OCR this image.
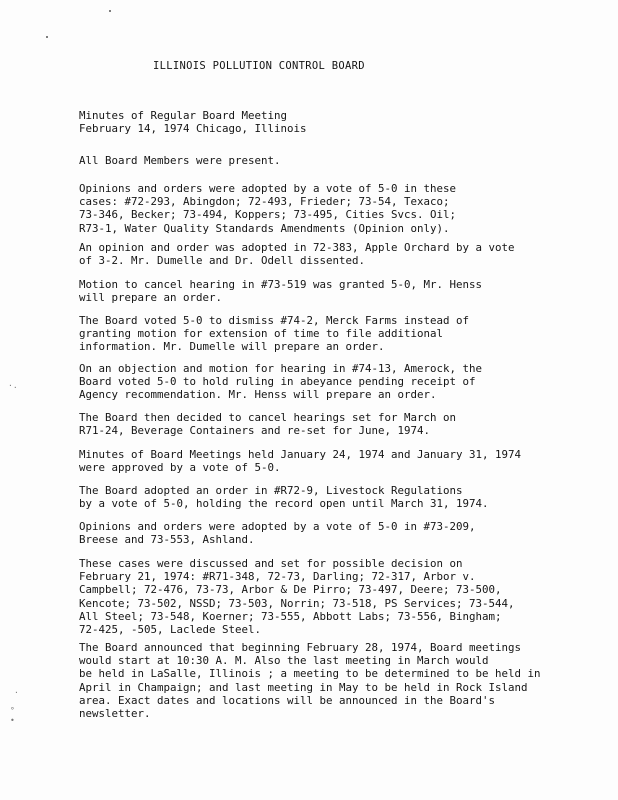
·.
·
°
•
ILLINOIS POLLUTION CONTROL BOARD
Minutes of Regular Board Meeting
February 14, 1974 Chicago, Illinois
All Board Members were present.
Opinions and orders were adopted by a vote of 5-0 in these
cases: #72-293, Abingdon; 72-493, Frieder; 73-54, Texaco;
73-346, Becker; 73-494, Koppers; 73-495, Cities Svcs. Oil;
R73-1, Water Quality Standards Amendments (Opinion only).
An opinion and order was adopted in 72-383, Apple Orchard by a vote
of 3-2. Mr. Dumelle and Dr. Odell dissented.
Motion to cancel hearing in #73-519 was granted 5-0, Mr. Henss
will prepare an order.
The Board voted 5-0 to dismiss #74-2, Merck Farms instead of
granting motion for extension of time to file additional
information. Mr. Dumelle will prepare an order.
On an objection and motion for hearing in #74-13, Amerock, the
Board voted 5-0 to hold ruling in abeyance pending receipt of
Agency recommendation. Mr. Henss will prepare an order.
The Board then decided to cancel hearings set for March on
R71-24, Beverage Containers and re-set for June, 1974.
Minutes of Board Meetings held January 24, 1974 and January 31, 1974
were approved by a vote of 5-0.
The Board adopted an order in #R72-9, Livestock Regulations
by a vote of 5-0, holding the record open until March 31, 1974.
Opinions and orders were adopted by a vote of 5-0 in #73-209,
Breese and 73-553, Ashland.
These cases were discussed and set for possible decision on
February 21, 1974: #R71-348, 72-73, Darling; 72-317, Arbor v.
Campbell; 72-476, 73-73, Arbor & De Pirro; 73-497, Deere; 73-500,
Kencote; 73-502, NSSD; 73-503, Norrin; 73-518, PS Services; 73-544,
All Steel; 73-548, Koerner; 73-555, Abbott Labs; 73-556, Bingham;
72-425, -505, Laclede Steel.
The Board announced that beginning February 28, 1974, Board meetings
would start at 10:30 A. M. Also the last meeting in March would
be held in LaSalle, Illinois ; a meeting to be determined to be held in
April in Champaign; and last meeting in May to be held in Rock Island
area. Exact dates and locations will be announced in the Board's
newsletter.
